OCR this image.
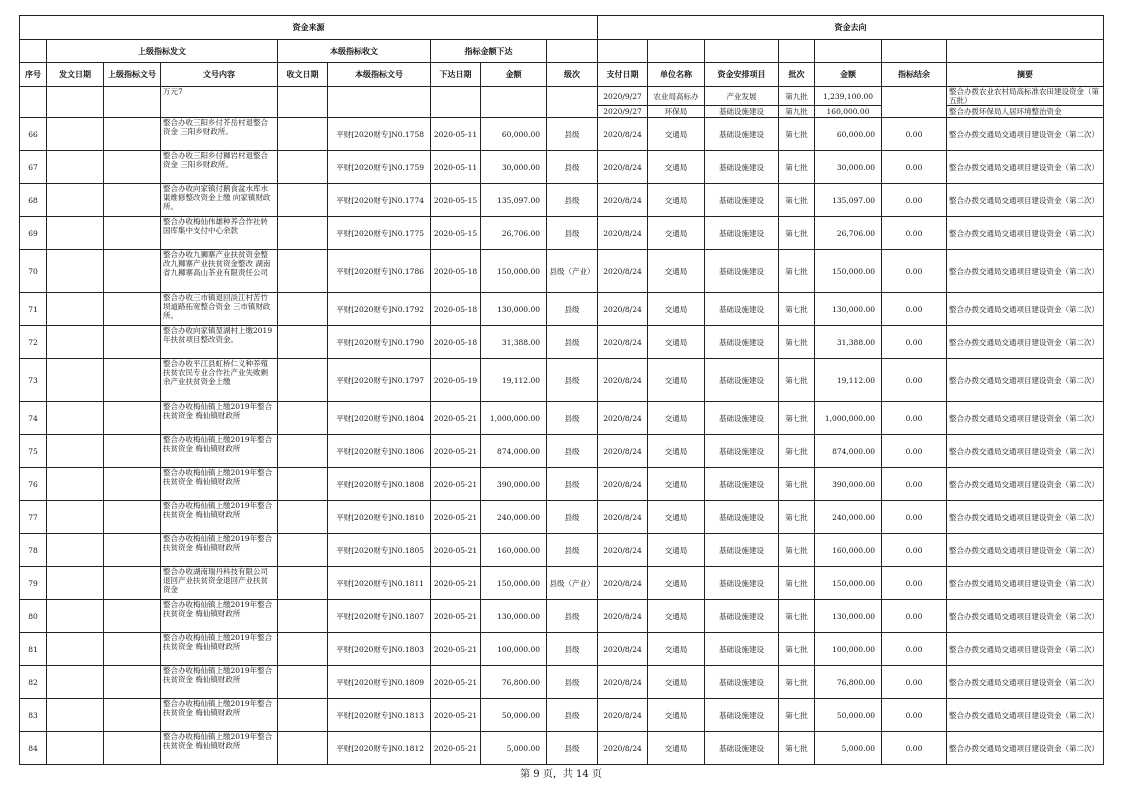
资金来源									资金去向						
	上级指标发文			本级指标收文		指标金额下达									
序号	发文日期	上级指标文号	文号内容	收文日期	本级指标文号	下达日期	金额	级次	支付日期	单位名称	资金安排项目	批次	金额	指标结余	摘要
			万元7						2020/9/27	农业局高标办	产业发展	第九批	1,239,100.00		整合办拨农业农村局高标准农田建设资金（第五批）
									2020/9/27	环保局	基础设施建设	第九批	160,000.00		整合办拨环保局人居环境整治资金
66			整合办收三阳乡付芥岳村退整合资金 三阳乡财政所。		平财[2020财专]N0.1758	2020-05-11	60,000.00	县级	2020/8/24	交通局	基础设施建设	第七批	60,000.00	0.00	整合办拨交通局交通项目建设资金（第二次）
67			整合办收三阳乡付狮岩村退整合资金 三阳乡财政所。		平财[2020财专]N0.1759	2020-05-11	30,000.00	县级	2020/8/24	交通局	基础设施建设	第七批	30,000.00	0.00	整合办拨交通局交通项目建设资金（第二次）
68			整合办收向家镇付鹅食盆水库水渠维修整改资金上缴 向家镇财政所。		平财[2020财专]N0.1774	2020-05-15	135,097.00	县级	2020/8/24	交通局	基础设施建设	第七批	135,097.00	0.00	整合办拨交通局交通项目建设资金（第二次）
69			整合办收梅仙伟雄种养合作社转国库集中支付中心余款		平财[2020财专]N0.1775	2020-05-15	26,706.00	县级	2020/8/24	交通局	基础设施建设	第七批	26,706.00	0.00	整合办拨交通局交通项目建设资金（第二次）
70			整合办收九狮寨产业扶贫资金整改九狮寨产业扶贫资金整改 湖南省九狮寨高山茶业有限责任公司		平财[2020财专]N0.1786	2020-05-18	150,000.00	县级（产业）	2020/8/24	交通局	基础设施建设	第七批	150,000.00	0.00	整合办拨交通局交通项目建设资金（第二次）
71			整合办收三市镇退回淡江村苦竹坝道路拓宽整合资金 三市镇财政所。		平财[2020财专]N0.1792	2020-05-18	130,000.00	县级	2020/8/24	交通局	基础设施建设	第七批	130,000.00	0.00	整合办拨交通局交通项目建设资金（第二次）
72			整合办收向家镇堃湖村上缴2019年扶贫项目整改资金。		平财[2020财专]N0.1790	2020-05-18	31,388.00	县级	2020/8/24	交通局	基础设施建设	第七批	31,388.00	0.00	整合办拨交通局交通项目建设资金（第二次）
73			整合办收平江县虹桥仁义种养殖扶贫农民专业合作社产业失败剩余产业扶贫资金上缴		平财[2020财专]N0.1797	2020-05-19	19,112.00	县级	2020/8/24	交通局	基础设施建设	第七批	19,112.00	0.00	整合办拨交通局交通项目建设资金（第二次）
74			整合办收梅仙镇上缴2019年整合扶贫资金 梅仙镇财政所		平财[2020财专]N0.1804	2020-05-21	1,000,000.00	县级	2020/8/24	交通局	基础设施建设	第七批	1,000,000.00	0.00	整合办拨交通局交通项目建设资金（第二次）
75			整合办收梅仙镇上缴2019年整合扶贫资金 梅仙镇财政所		平财[2020财专]N0.1806	2020-05-21	874,000.00	县级	2020/8/24	交通局	基础设施建设	第七批	874,000.00	0.00	整合办拨交通局交通项目建设资金（第二次）
76			整合办收梅仙镇上缴2019年整合扶贫资金 梅仙镇财政所		平财[2020财专]N0.1808	2020-05-21	390,000.00	县级	2020/8/24	交通局	基础设施建设	第七批	390,000.00	0.00	整合办拨交通局交通项目建设资金（第二次）
77			整合办收梅仙镇上缴2019年整合扶贫资金 梅仙镇财政所		平财[2020财专]N0.1810	2020-05-21	240,000.00	县级	2020/8/24	交通局	基础设施建设	第七批	240,000.00	0.00	整合办拨交通局交通项目建设资金（第二次）
78			整合办收梅仙镇上缴2019年整合扶贫资金 梅仙镇财政所		平财[2020财专]N0.1805	2020-05-21	160,000.00	县级	2020/8/24	交通局	基础设施建设	第七批	160,000.00	0.00	整合办拨交通局交通项目建设资金（第二次）
79			整合办收湖南瑞丹科技有限公司退回产业扶贫资金退回产业扶贫资金		平财[2020财专]N0.1811	2020-05-21	150,000.00	县级（产业）	2020/8/24	交通局	基础设施建设	第七批	150,000.00	0.00	整合办拨交通局交通项目建设资金（第二次）
80			整合办收梅仙镇上缴2019年整合扶贫资金 梅仙镇财政所		平财[2020财专]N0.1807	2020-05-21	130,000.00	县级	2020/8/24	交通局	基础设施建设	第七批	130,000.00	0.00	整合办拨交通局交通项目建设资金（第二次）
81			整合办收梅仙镇上缴2019年整合扶贫资金 梅仙镇财政所		平财[2020财专]N0.1803	2020-05-21	100,000.00	县级	2020/8/24	交通局	基础设施建设	第七批	100,000.00	0.00	整合办拨交通局交通项目建设资金（第二次）
82			整合办收梅仙镇上缴2019年整合扶贫资金 梅仙镇财政所		平财[2020财专]N0.1809	2020-05-21	76,800.00	县级	2020/8/24	交通局	基础设施建设	第七批	76,800.00	0.00	整合办拨交通局交通项目建设资金（第二次）
83			整合办收梅仙镇上缴2019年整合扶贫资金 梅仙镇财政所		平财[2020财专]N0.1813	2020-05-21	50,000.00	县级	2020/8/24	交通局	基础设施建设	第七批	50,000.00	0.00	整合办拨交通局交通项目建设资金（第二次）
84			整合办收梅仙镇上缴2019年整合扶贫资金 梅仙镇财政所		平财[2020财专]N0.1812	2020-05-21	5,000.00	县级	2020/8/24	交通局	基础设施建设	第七批	5,000.00	0.00	整合办拨交通局交通项目建设资金（第二次）
第 9 页，共 14 页
